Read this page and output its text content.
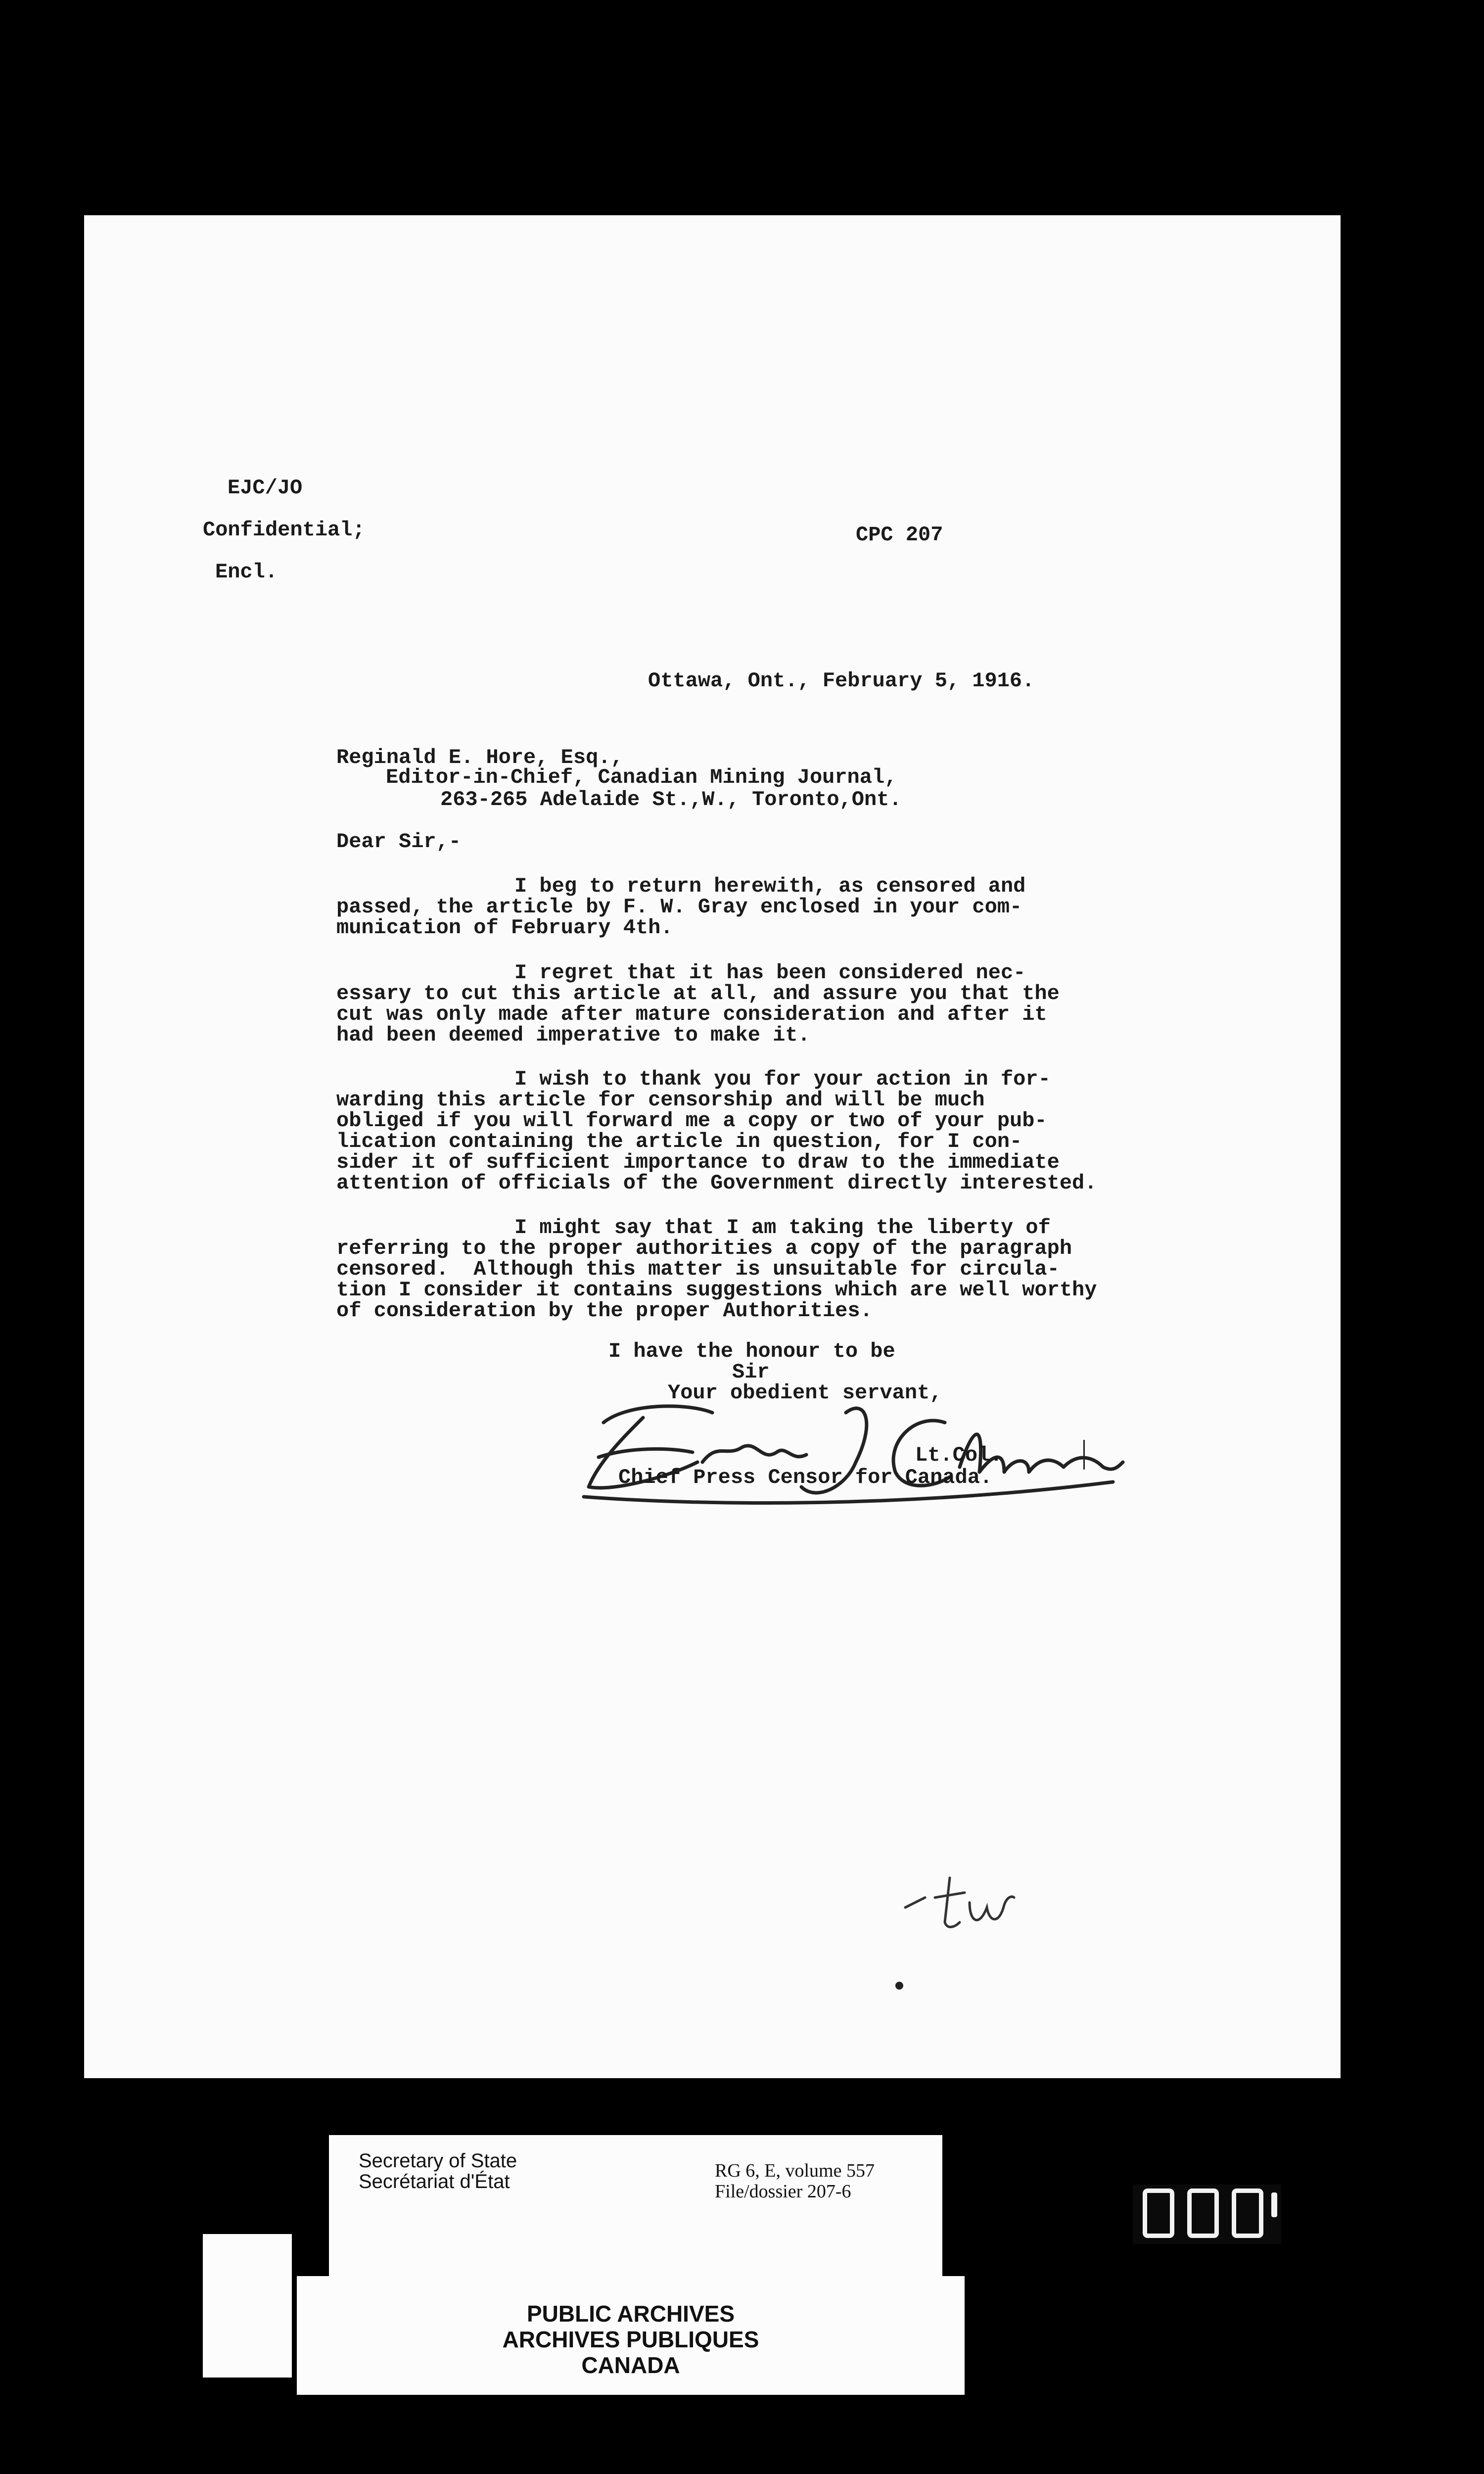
EJC/JO
Confidential;	CPC 207
Encl.
Ottawa, Ont., February 5, 1916.
Reginald E. Hore, Esq.,
Editor-in-Chief, Canadian Mining Journal,
263-265 Adelaide St.,W., Toronto,Ont.
Dear Sir,-
I beg to return herewith, as censored and
passed, the article by F. W. Gray enclosed in your com-
munication of February 4th.
I regret that it has been considered nec-
essary to cut this article at all, and assure you that the
cut was only made after mature consideration and after it
had been deemed imperative to make it.
I wish to thank you for your action in for-
warding this article for censorship and will be much
obliged if you will forward me a copy or two of your pub-
lication containing the article in question, for I con-
sider it of sufficient importance to draw to the immediate
attention of officials of the Government directly interested.
I might say that I am taking the liberty of
referring to the proper authorities a copy of the paragraph
censored.  Although this matter is unsuitable for circula-
tion I consider it contains suggestions which are well worthy
of consideration by the proper Authorities.
I have the honour to be
Sir
Your obedient servant,
Lt.Col.
Chief Press Censor for Canada.
Secretary of State
Secrétariat d'État	RG 6, E, volume 557
File/dossier 207-6
PUBLIC ARCHIVES
ARCHIVES PUBLIQUES
CANADA
